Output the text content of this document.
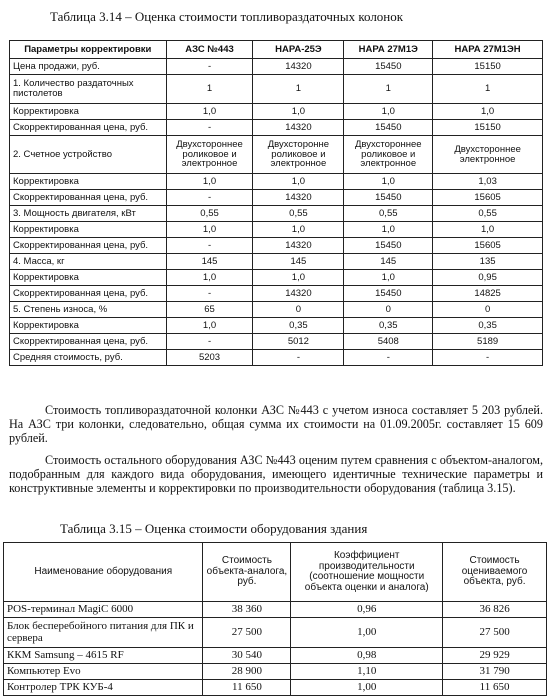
Таблица 3.14 – Оценка стоимости топливораздаточных колонок
Параметры корректировки	АЗС №443	НАРА-25Э	НАРА 27М1Э	НАРА 27М1ЭН
Цена продажи, руб.	-	14320	15450	15150
1. Количество раздаточных пистолетов	1	1	1	1
Корректировка	1,0	1,0	1,0	1,0
Скорректированная цена, руб.	-	14320	15450	15150
2. Счетное устройство	Двухстороннее роликовое и электронное	Двухсторонне роликовое и электронное	Двухстороннее роликовое и электронное	Двухстороннее электронное
Корректировка	1,0	1,0	1,0	1,03
Скорректированная цена, руб.	-	14320	15450	15605
3. Мощность двигателя, кВт	0,55	0,55	0,55	0,55
Корректировка	1,0	1,0	1,0	1,0
Скорректированная цена, руб.	-	14320	15450	15605
4. Масса, кг	145	145	145	135
Корректировка	1,0	1,0	1,0	0,95
Скорректированная цена, руб.	-	14320	15450	14825
5. Степень износа, %	65	0	0	0
Корректировка	1,0	0,35	0,35	0,35
Скорректированная цена, руб.	-	5012	5408	5189
Средняя стоимость, руб.	5203	-	-	-
Стоимость топливораздаточной колонки АЗС №443 с учетом износа составляет 5 203 рублей. На АЗС три колонки, следовательно, общая сумма их стоимости на 01.09.2005г. составляет 15 609 рублей.
Стоимость остального оборудования АЗС №443 оценим путем сравнения с объектом-аналогом, подобранным для каждого вида оборудования, имеющего идентичные технические параметры и конструктивные элементы и корректировки по производительности оборудования (таблица 3.15).
Таблица 3.15 – Оценка стоимости оборудования здания
Наименование оборудования	Стоимость объекта-аналога, руб.	Коэффициент производительности (соотношение мощности объекта оценки и аналога)	Стоимость оцениваемого объекта, руб.
POS-терминал MagiC 6000	38 360	0,96	36 826
Блок бесперебойного питания для ПК и сервера	27 500	1,00	27 500
ККМ Samsung – 4615 RF	30 540	0,98	29 929
Компьютер Evo	28 900	1,10	31 790
Контролер ТРК КУБ-4	11 650	1,00	11 650
